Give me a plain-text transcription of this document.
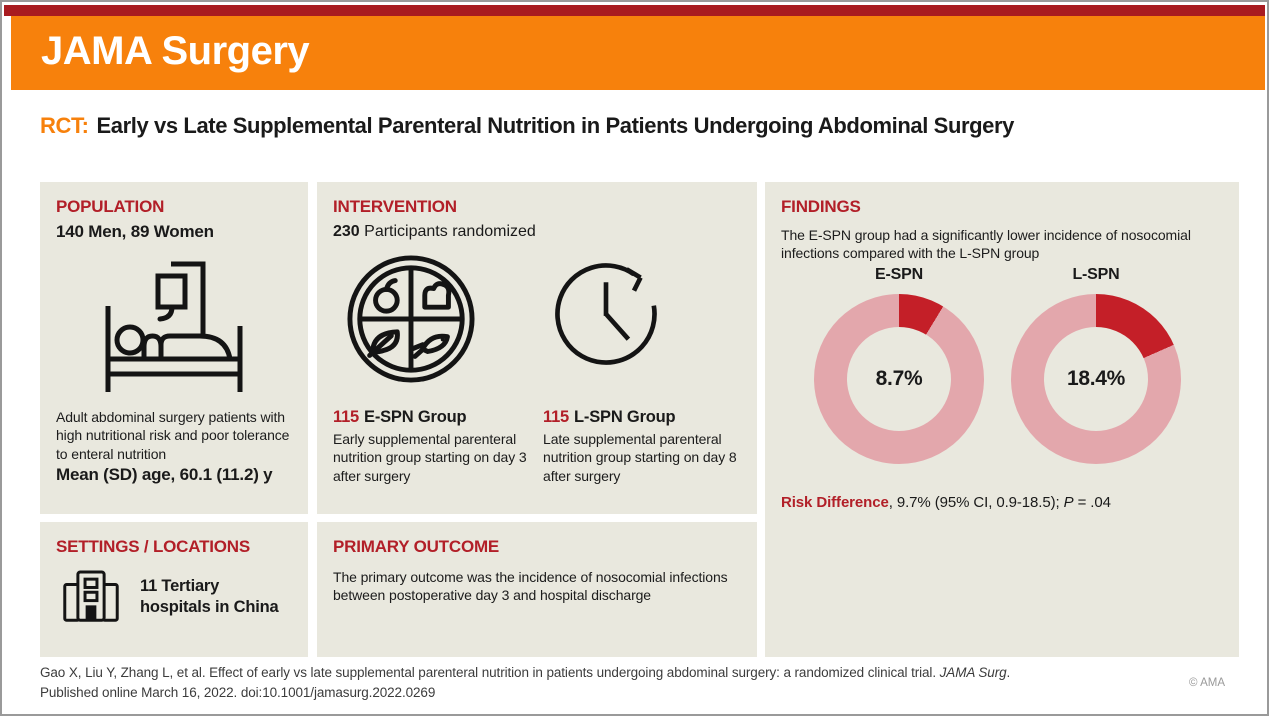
JAMA Surgery
RCT: Early vs Late Supplemental Parenteral Nutrition in Patients Undergoing Abdominal Surgery
POPULATION
140 Men, 89 Women
Adult abdominal surgery patients with high nutritional risk and poor tolerance to enteral nutrition
Mean (SD) age, 60.1 (11.2) y
SETTINGS / LOCATIONS
11 Tertiary hospitals in China
INTERVENTION
230 Participants randomized
115 E-SPN Group
Early supplemental parenteral nutrition group starting on day 3 after surgery
115 L-SPN Group
Late supplemental parenteral nutrition group starting on day 8 after surgery
PRIMARY OUTCOME
The primary outcome was the incidence of nosocomial infections between postoperative day 3 and hospital discharge
FINDINGS
The E-SPN group had a significantly lower incidence of nosocomial infections compared with the L-SPN group
E-SPN
8.7%
L-SPN
18.4%
Risk Difference, 9.7% (95% CI, 0.9-18.5); P = .04
Gao X, Liu Y, Zhang L, et al. Effect of early vs late supplemental parenteral nutrition in patients undergoing abdominal surgery: a randomized clinical trial. JAMA Surg.
Published online March 16, 2022. doi:10.1001/jamasurg.2022.0269
© AMA
